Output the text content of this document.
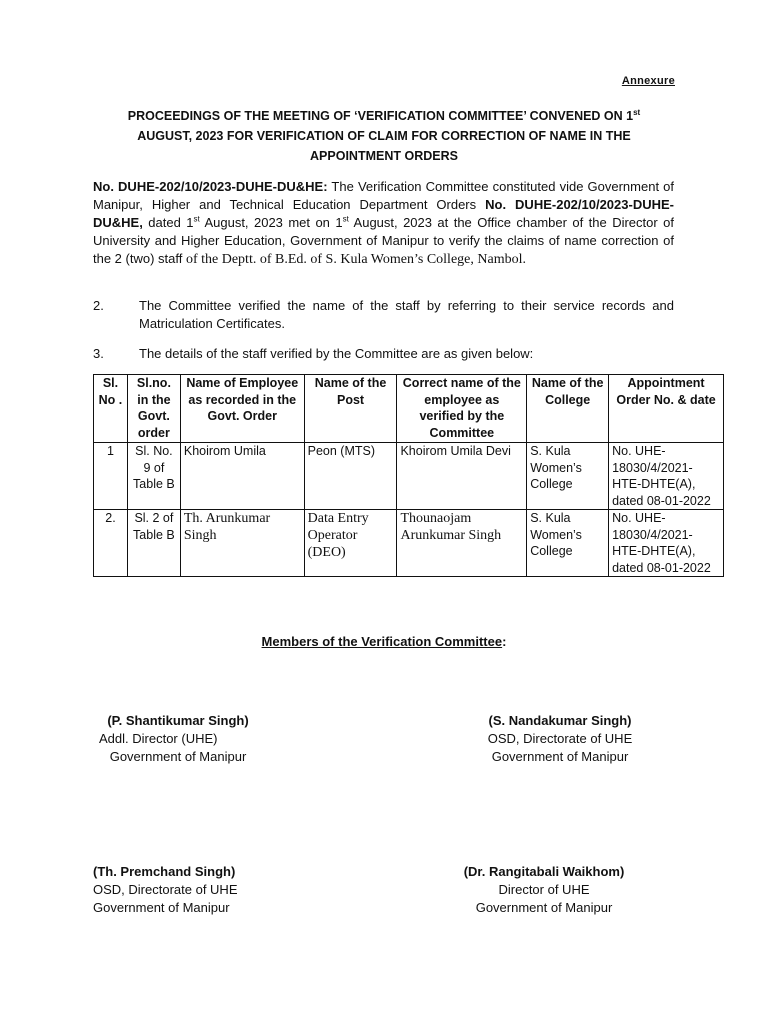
Annexure
PROCEEDINGS OF THE MEETING OF ‘VERIFICATION COMMITTEE’ CONVENED ON 1st
AUGUST, 2023 FOR VERIFICATION OF CLAIM FOR CORRECTION OF NAME IN THE
APPOINTMENT ORDERS
No. DUHE-202/10/2023-DUHE-DU&HE: The Verification Committee constituted vide Government of Manipur, Higher and Technical Education Department Orders No. DUHE-202/10/2023-DUHE-DU&HE, dated 1st August, 2023 met on 1st August, 2023 at the Office chamber of the Director of University and Higher Education, Government of Manipur to verify the claims of name correction of the 2 (two) staff of the Deptt. of B.Ed. of S. Kula Women’s College, Nambol.
2.	The Committee verified the name of the staff by referring to their service records and Matriculation Certificates.
3.	The details of the staff verified by the Committee are as given below:
Sl. No .	Sl.no. in the Govt. order	Name of Employee as recorded in the Govt. Order	Name of the Post	Correct name of the employee as verified by the Committee	Name of the College	Appointment Order No. & date
1	Sl. No. 9 of Table B	Khoirom Umila	Peon (MTS)	Khoirom Umila Devi	S. Kula Women’s College	No. UHE-18030/4/2021-HTE-DHTE(A), dated 08-01-2022
2.	Sl. 2 of Table B	Th. Arunkumar Singh	Data Entry Operator (DEO)	Thounaojam Arunkumar Singh	S. Kula Women’s College	No. UHE-18030/4/2021-HTE-DHTE(A), dated 08-01-2022
Members of the Verification Committee:
(P. Shantikumar Singh)
Addl. Director (UHE)
Government of Manipur
(S. Nandakumar Singh)
OSD, Directorate of UHE
Government of Manipur
(Th. Premchand Singh)
OSD, Directorate of UHE
Government of Manipur
(Dr. Rangitabali Waikhom)
Director of UHE
Government of Manipur
